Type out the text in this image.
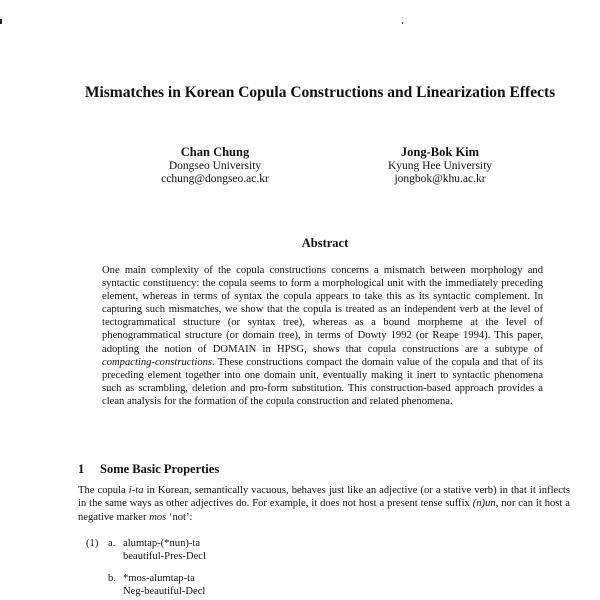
Mismatches in Korean Copula Constructions and Linearization Effects
Chan Chung
Dongseo University
cchung@dongseo.ac.kr
Jong-Bok Kim
Kyung Hee University
jongbok@khu.ac.kr
Abstract
One main complexity of the copula constructions concerns a mismatch between morphology and syntactic constituency: the copula seems to form a morphological unit with the immediately preceding element, whereas in terms of syntax the copula appears to take this as its syntactic complement. In capturing such mismatches, we show that the copula is treated as an independent verb at the level of tectogrammatical structure (or syntax tree), whereas as a bound morpheme at the level of phenogrammatical structure (or domain tree), in terms of Dowty 1992 (or Reape 1994). This paper, adopting the notion of DOMAIN in HPSG, shows that copula constructions are a subtype of compacting-constructions. These constructions compact the domain value of the copula and that of its preceding element together into one domain unit, eventually making it inert to syntactic phenomena such as scrambling, deletion and pro-form substitution. This construction-based approach provides a clean analysis for the formation of the copula construction and related phenomena.
1 Some Basic Properties
The copula i-ta in Korean, semantically vacuous, behaves just like an adjective (or a stative verb) in that it inflects in the same ways as other adjectives do. For example, it does not host a present tense suffix (n)un, nor can it host a negative marker mos ‘not’:
(1) a. alumtap-(*nun)-ta
beautiful-Pres-Decl
b. *mos-alumtap-ta
Neg-beautiful-Decl
